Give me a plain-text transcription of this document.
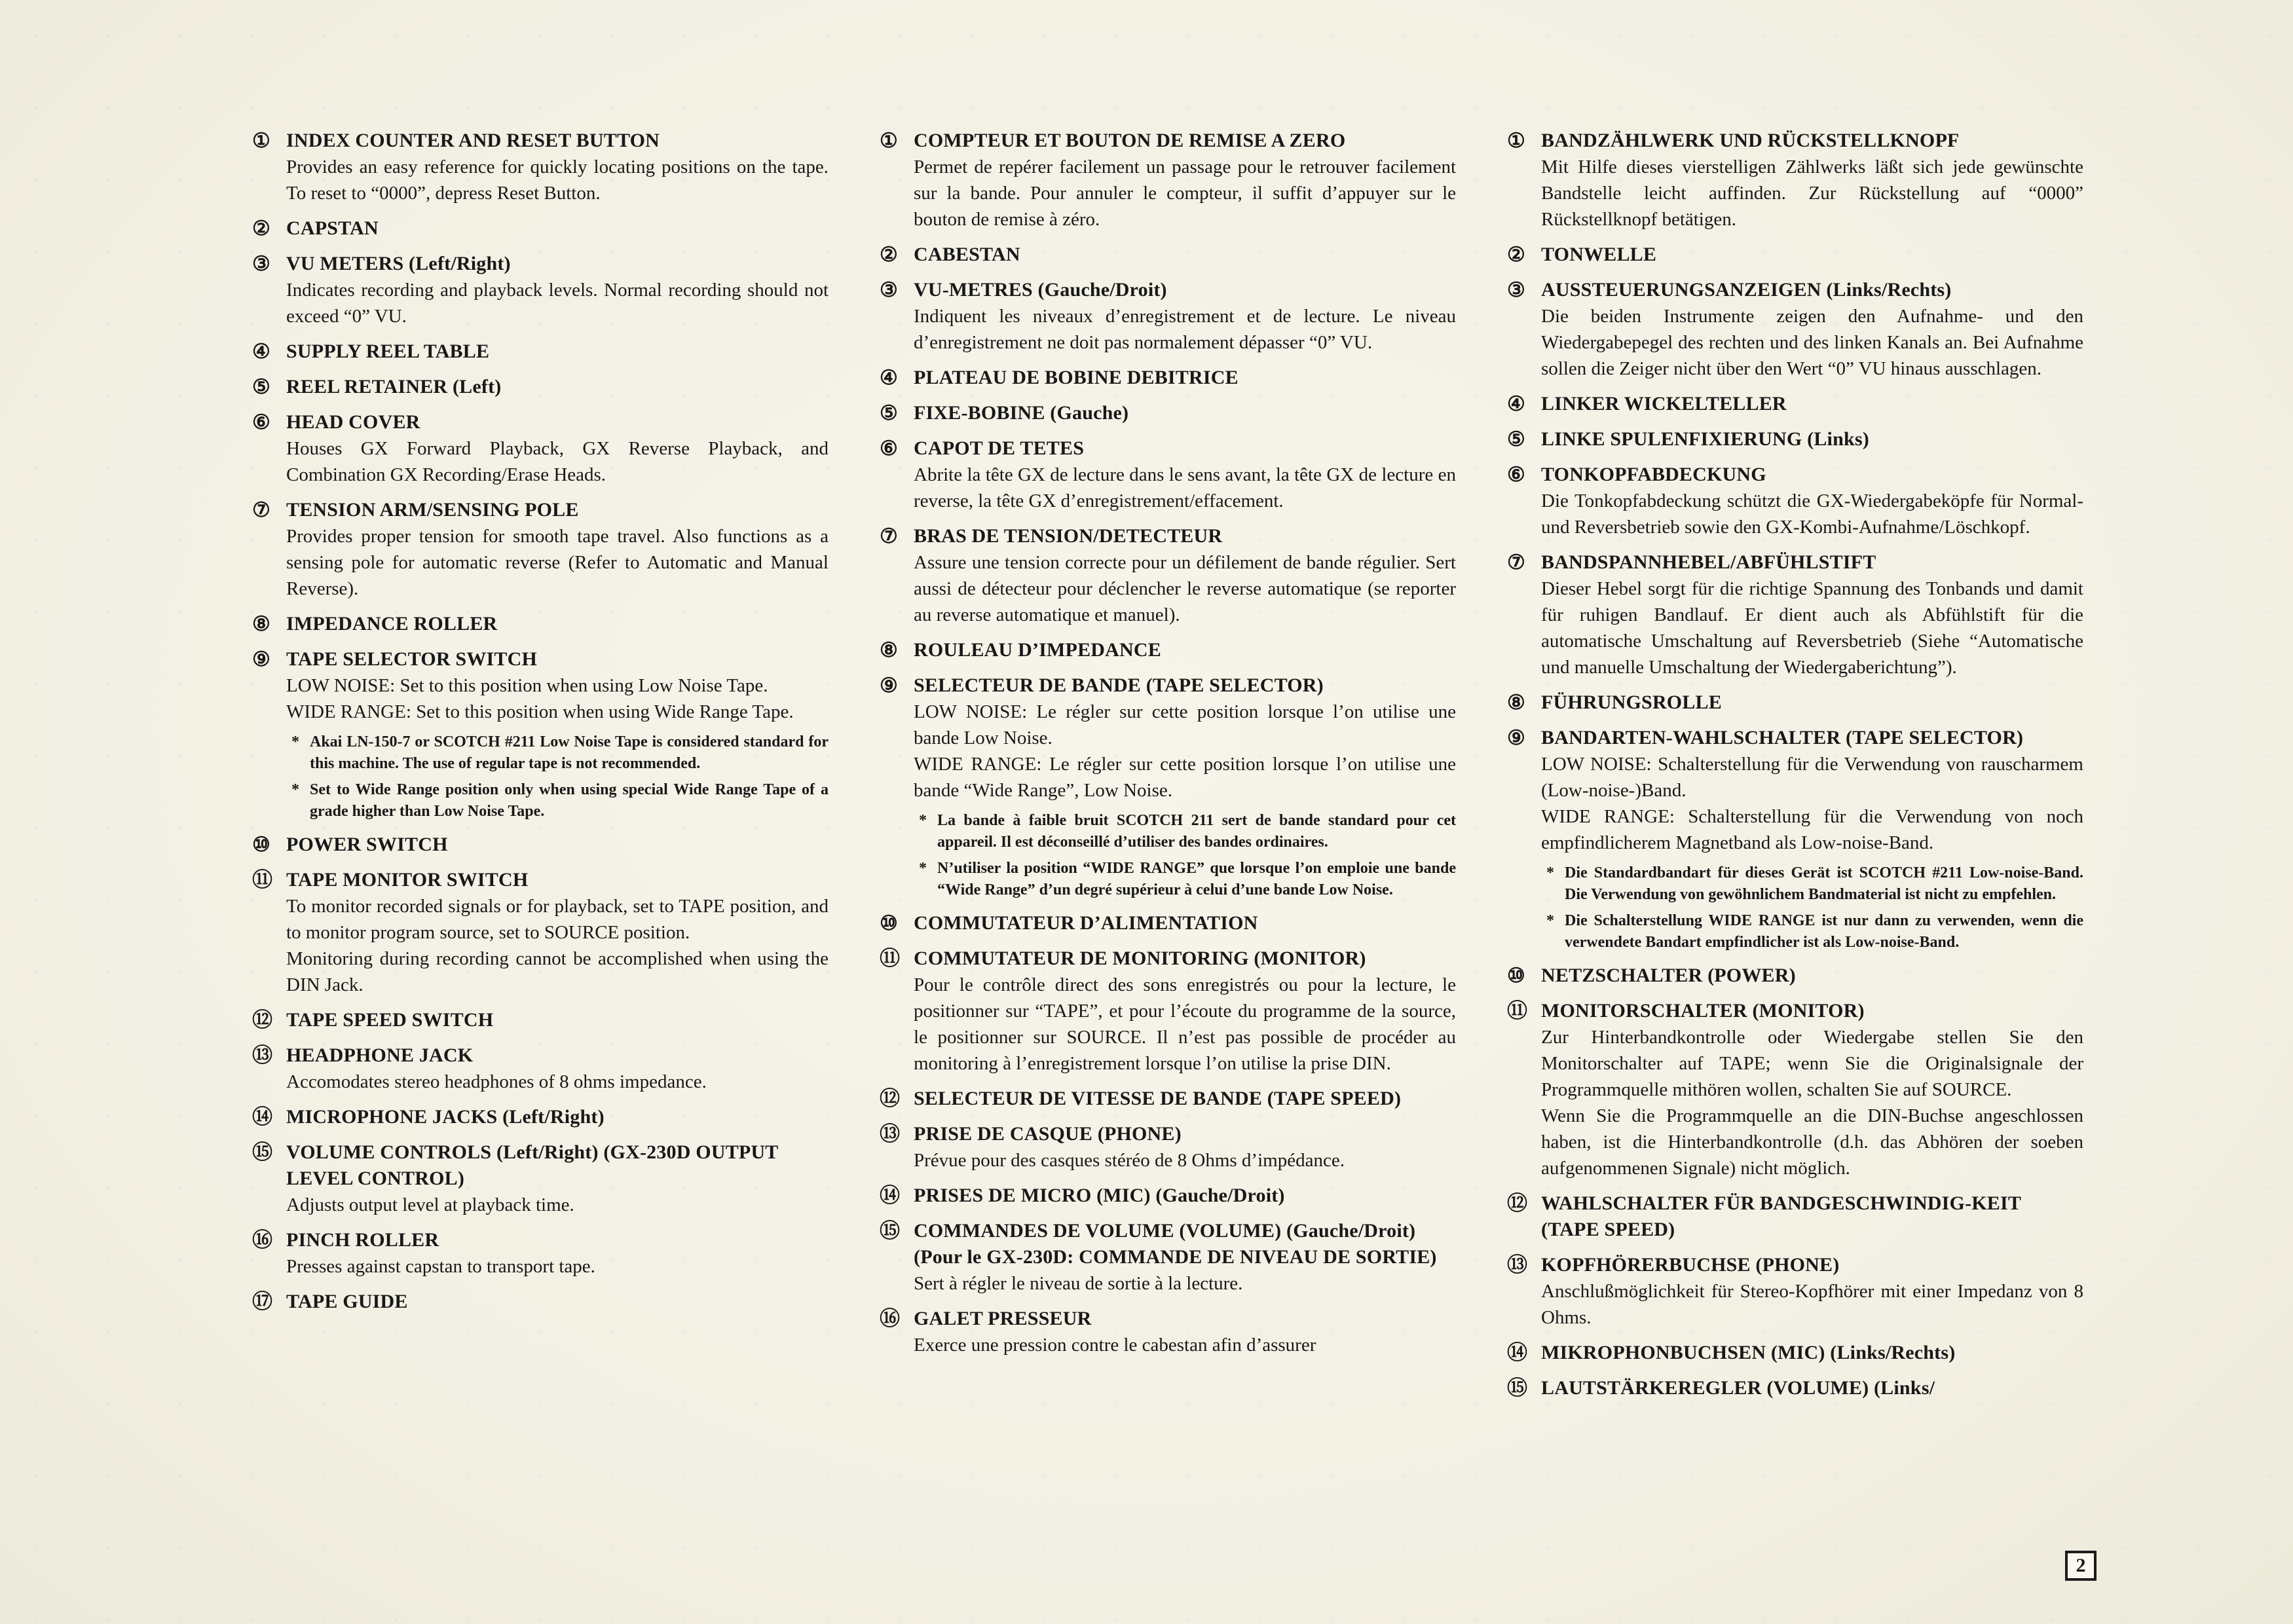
① INDEX COUNTER AND RESET BUTTON

Provides an easy reference for quickly locating positions on the tape. To reset to “0000”, depress Reset Button.

② CAPSTAN
③ VU METERS (Left/Right)

Indicates recording and playback levels. Normal recording should not exceed “0” VU.

④ SUPPLY REEL TABLE
⑤ REEL RETAINER (Left)
⑥ HEAD COVER

Houses GX Forward Playback, GX Reverse Playback, and Combination GX Recording/Erase Heads.

⑦ TENSION ARM/SENSING POLE

Provides proper tension for smooth tape travel. Also functions as a sensing pole for automatic reverse (Refer to Automatic and Manual Reverse).

⑧ IMPEDANCE ROLLER
⑨ TAPE SELECTOR SWITCH

LOW NOISE: Set to this position when using Low Noise Tape.

WIDE RANGE: Set to this position when using Wide Range Tape.

* Akai LN-150-7 or SCOTCH #211 Low Noise Tape is considered standard for this machine. The use of regular tape is not recommended.
* Set to Wide Range position only when using special Wide Range Tape of a grade higher than Low Noise Tape.
⑩ POWER SWITCH
⑪ TAPE MONITOR SWITCH

To monitor recorded signals or for playback, set to TAPE position, and to monitor program source, set to SOURCE position.

Monitoring during recording cannot be accomplished when using the DIN Jack.

⑫ TAPE SPEED SWITCH
⑬ HEADPHONE JACK

Accomodates stereo headphones of 8 ohms impedance.

⑭ MICROPHONE JACKS (Left/Right)
⑮ VOLUME CONTROLS (Left/Right) (GX-230D OUTPUT LEVEL CONTROL)

Adjusts output level at playback time.

⑯ PINCH ROLLER

Presses against capstan to transport tape.

⑰ TAPE GUIDE
① COMPTEUR ET BOUTON DE REMISE A ZERO

Permet de repérer facilement un passage pour le retrouver facilement sur la bande. Pour annuler le compteur, il suffit d’appuyer sur le bouton de remise à zéro.

② CABESTAN
③ VU-METRES (Gauche/Droit)

Indiquent les niveaux d’enregistrement et de lecture. Le niveau d’enregistrement ne doit pas normalement dépasser “0” VU.

④ PLATEAU DE BOBINE DEBITRICE
⑤ FIXE-BOBINE (Gauche)
⑥ CAPOT DE TETES

Abrite la tête GX de lecture dans le sens avant, la tête GX de lecture en reverse, la tête GX d’enregistrement/effacement.

⑦ BRAS DE TENSION/DETECTEUR

Assure une tension correcte pour un défilement de bande régulier. Sert aussi de détecteur pour déclencher le reverse automatique (se reporter au reverse automatique et manuel).

⑧ ROULEAU D’IMPEDANCE
⑨ SELECTEUR DE BANDE (TAPE SELECTOR)

LOW NOISE: Le régler sur cette position lorsque l’on utilise une bande Low Noise.

WIDE RANGE: Le régler sur cette position lorsque l’on utilise une bande “Wide Range”, Low Noise.

* La bande à faible bruit SCOTCH 211 sert de bande standard pour cet appareil. Il est déconseillé d’utiliser des bandes ordinaires.
* N’utiliser la position “WIDE RANGE” que lorsque l’on emploie une bande “Wide Range” d’un degré supérieur à celui d’une bande Low Noise.
⑩ COMMUTATEUR D’ALIMENTATION
⑪ COMMUTATEUR DE MONITORING (MONITOR)

Pour le contrôle direct des sons enregistrés ou pour la lecture, le positionner sur “TAPE”, et pour l’écoute du programme de la source, le positionner sur SOURCE. Il n’est pas possible de procéder au monitoring à l’enregistrement lorsque l’on utilise la prise DIN.

⑫ SELECTEUR DE VITESSE DE BANDE (TAPE SPEED)
⑬ PRISE DE CASQUE (PHONE)

Prévue pour des casques stéréo de 8 Ohms d’impédance.

⑭ PRISES DE MICRO (MIC) (Gauche/Droit)
⑮ COMMANDES DE VOLUME (VOLUME) (Gauche/Droit) (Pour le GX-230D: COMMANDE DE NIVEAU DE SORTIE)

Sert à régler le niveau de sortie à la lecture.

⑯ GALET PRESSEUR

Exerce une pression contre le cabestan afin d’assurer

① BANDZÄHLWERK UND RÜCKSTELLKNOPF

Mit Hilfe dieses vierstelligen Zählwerks läßt sich jede gewünschte Bandstelle leicht auffinden. Zur Rückstellung auf “0000” Rückstellknopf betätigen.

② TONWELLE
③ AUSSTEUERUNGSANZEIGEN (Links/Rechts)

Die beiden Instrumente zeigen den Aufnahme- und den Wiedergabepegel des rechten und des linken Kanals an. Bei Aufnahme sollen die Zeiger nicht über den Wert “0” VU hinaus ausschlagen.

④ LINKER WICKELTELLER
⑤ LINKE SPULENFIXIERUNG (Links)
⑥ TONKOPFABDECKUNG

Die Tonkopfabdeckung schützt die GX-Wiedergabeköpfe für Normal- und Reversbetrieb sowie den GX-Kombi-Aufnahme/Löschkopf.

⑦ BANDSPANNHEBEL/ABFÜHLSTIFT

Dieser Hebel sorgt für die richtige Spannung des Tonbands und damit für ruhigen Bandlauf. Er dient auch als Abfühlstift für die automatische Umschaltung auf Reversbetrieb (Siehe “Automatische und manuelle Umschaltung der Wiedergaberichtung”).

⑧ FÜHRUNGSROLLE
⑨ BANDARTEN-WAHLSCHALTER (TAPE SELECTOR)

LOW NOISE: Schalterstellung für die Verwendung von rauscharmem (Low-noise-)Band.

WIDE RANGE: Schalterstellung für die Verwendung von noch empfindlicherem Magnetband als Low-noise-Band.

* Die Standardbandart für dieses Gerät ist SCOTCH #211 Low-noise-Band. Die Verwendung von gewöhnlichem Bandmaterial ist nicht zu empfehlen.
* Die Schalterstellung WIDE RANGE ist nur dann zu verwenden, wenn die verwendete Bandart empfindlicher ist als Low-noise-Band.
⑩ NETZSCHALTER (POWER)
⑪ MONITORSCHALTER (MONITOR)

Zur Hinterbandkontrolle oder Wiedergabe stellen Sie den Monitorschalter auf TAPE; wenn Sie die Originalsignale der Programmquelle mithören wollen, schalten Sie auf SOURCE.

Wenn Sie die Programmquelle an die DIN-Buchse angeschlossen haben, ist die Hinterbandkontrolle (d.h. das Abhören der soeben aufgenommenen Signale) nicht möglich.

⑫ WAHLSCHALTER FÜR BANDGESCHWINDIG-KEIT (TAPE SPEED)
⑬ KOPFHÖRERBUCHSE (PHONE)

Anschlußmöglichkeit für Stereo-Kopfhörer mit einer Impedanz von 8 Ohms.

⑭ MIKROPHONBUCHSEN (MIC) (Links/Rechts)
⑮ LAUTSTÄRKEREGLER (VOLUME) (Links/
2
